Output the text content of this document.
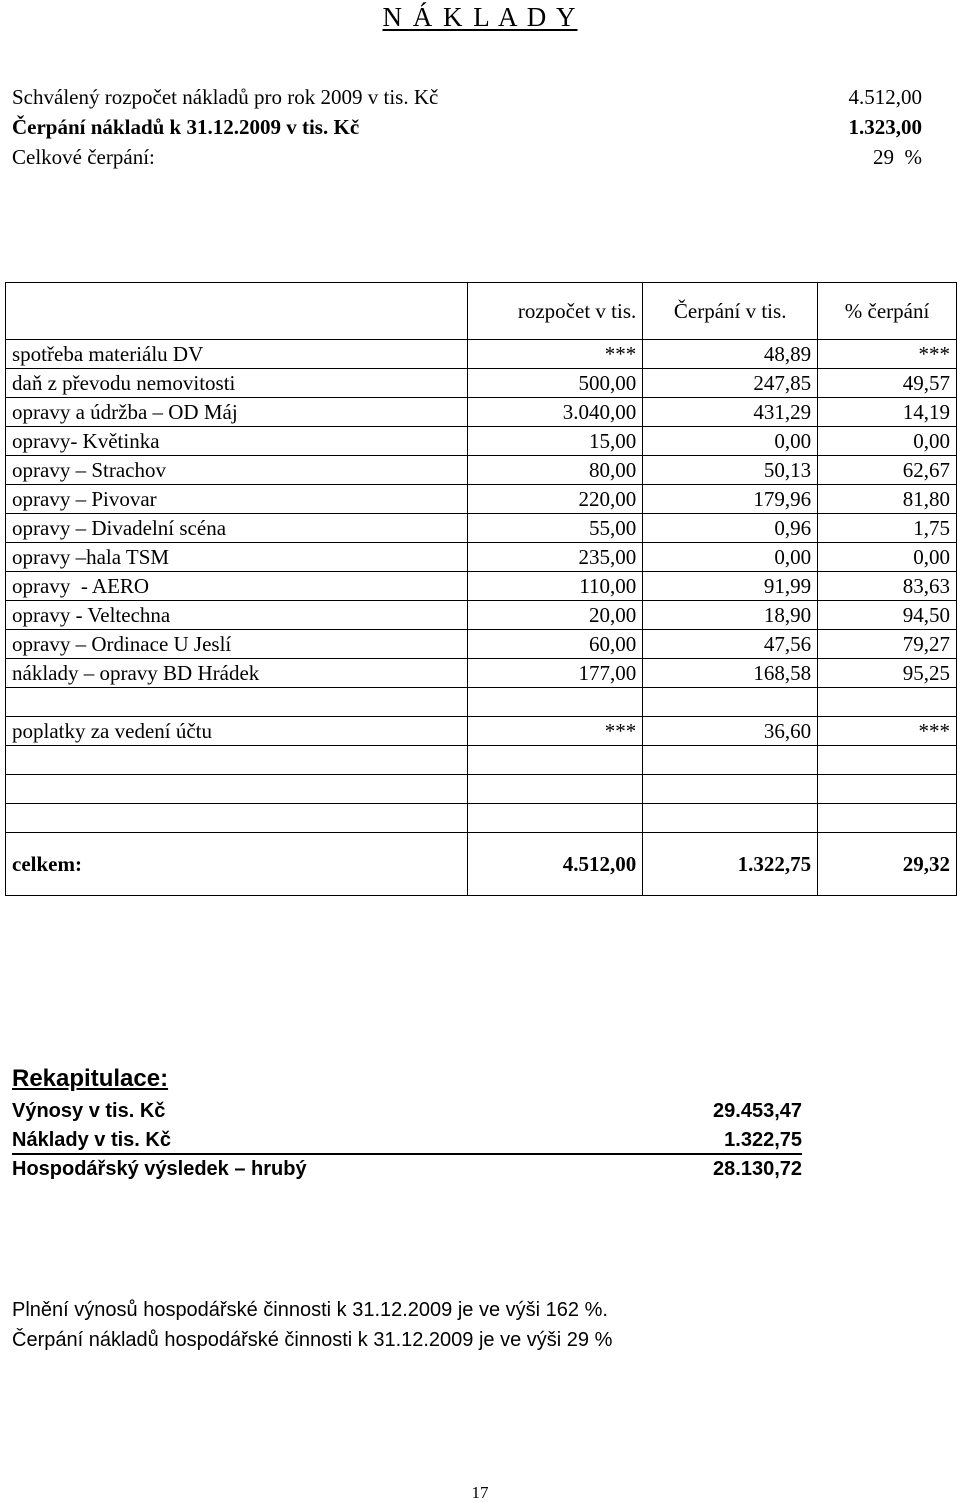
N Á K L A D Y
Schválený rozpočet nákladů pro rok 2009 v tis. Kč	4.512,00
Čerpání nákladů k 31.12.2009 v tis. Kč	1.323,00
Celkové čerpání:	29  %
	rozpočet v tis.	Čerpání v tis.	% čerpání
spotřeba materiálu DV	***	48,89	***
daň z převodu nemovitosti	500,00	247,85	49,57
opravy a údržba – OD Máj	3.040,00	431,29	14,19
opravy- Květinka	15,00	0,00	0,00
opravy – Strachov	80,00	50,13	62,67
opravy – Pivovar	220,00	179,96	81,80
opravy – Divadelní scéna	55,00	0,96	1,75
opravy –hala TSM	235,00	0,00	0,00
opravy  - AERO	110,00	91,99	83,63
opravy - Veltechna	20,00	18,90	94,50
opravy – Ordinace U Jeslí	60,00	47,56	79,27
náklady – opravy BD Hrádek	177,00	168,58	95,25

poplatky za vedení účtu	***	36,60	***

celkem:	4.512,00	1.322,75	29,32
Rekapitulace:
Výnosy v tis. Kč	29.453,47
Náklady v tis. Kč	1.322,75
Hospodářský výsledek – hrubý	28.130,72
Plnění výnosů hospodářské činnosti k 31.12.2009 je ve výši 162 %.
Čerpání nákladů hospodářské činnosti k 31.12.2009 je ve výši 29 %
17
